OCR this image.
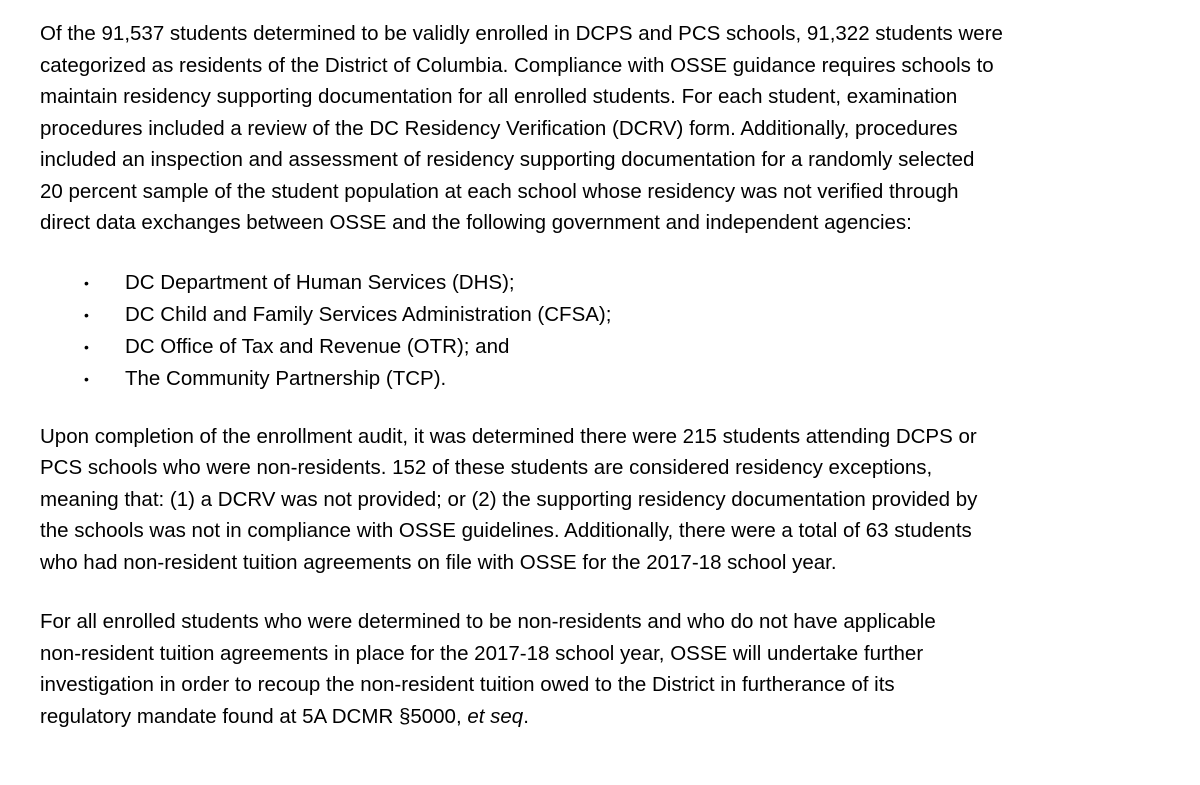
Of the 91,537 students determined to be validly enrolled in DCPS and PCS schools, 91,322 students were
categorized as residents of the District of Columbia. Compliance with OSSE guidance requires schools to
maintain residency supporting documentation for all enrolled students. For each student, examination
procedures included a review of the DC Residency Verification (DCRV) form. Additionally, procedures
included an inspection and assessment of residency supporting documentation for a randomly selected
20 percent sample of the student population at each school whose residency was not verified through
direct data exchanges between OSSE and the following government and independent agencies:

• DC Department of Human Services (DHS);
• DC Child and Family Services Administration (CFSA);
• DC Office of Tax and Revenue (OTR); and
• The Community Partnership (TCP).

Upon completion of the enrollment audit, it was determined there were 215 students attending DCPS or
PCS schools who were non-residents. 152 of these students are considered residency exceptions,
meaning that: (1) a DCRV was not provided; or (2) the supporting residency documentation provided by
the schools was not in compliance with OSSE guidelines. Additionally, there were a total of 63 students
who had non-resident tuition agreements on file with OSSE for the 2017-18 school year.

For all enrolled students who were determined to be non-residents and who do not have applicable
non-resident tuition agreements in place for the 2017-18 school year, OSSE will undertake further
investigation in order to recoup the non-resident tuition owed to the District in furtherance of its
regulatory mandate found at 5A DCMR §5000, et seq.
